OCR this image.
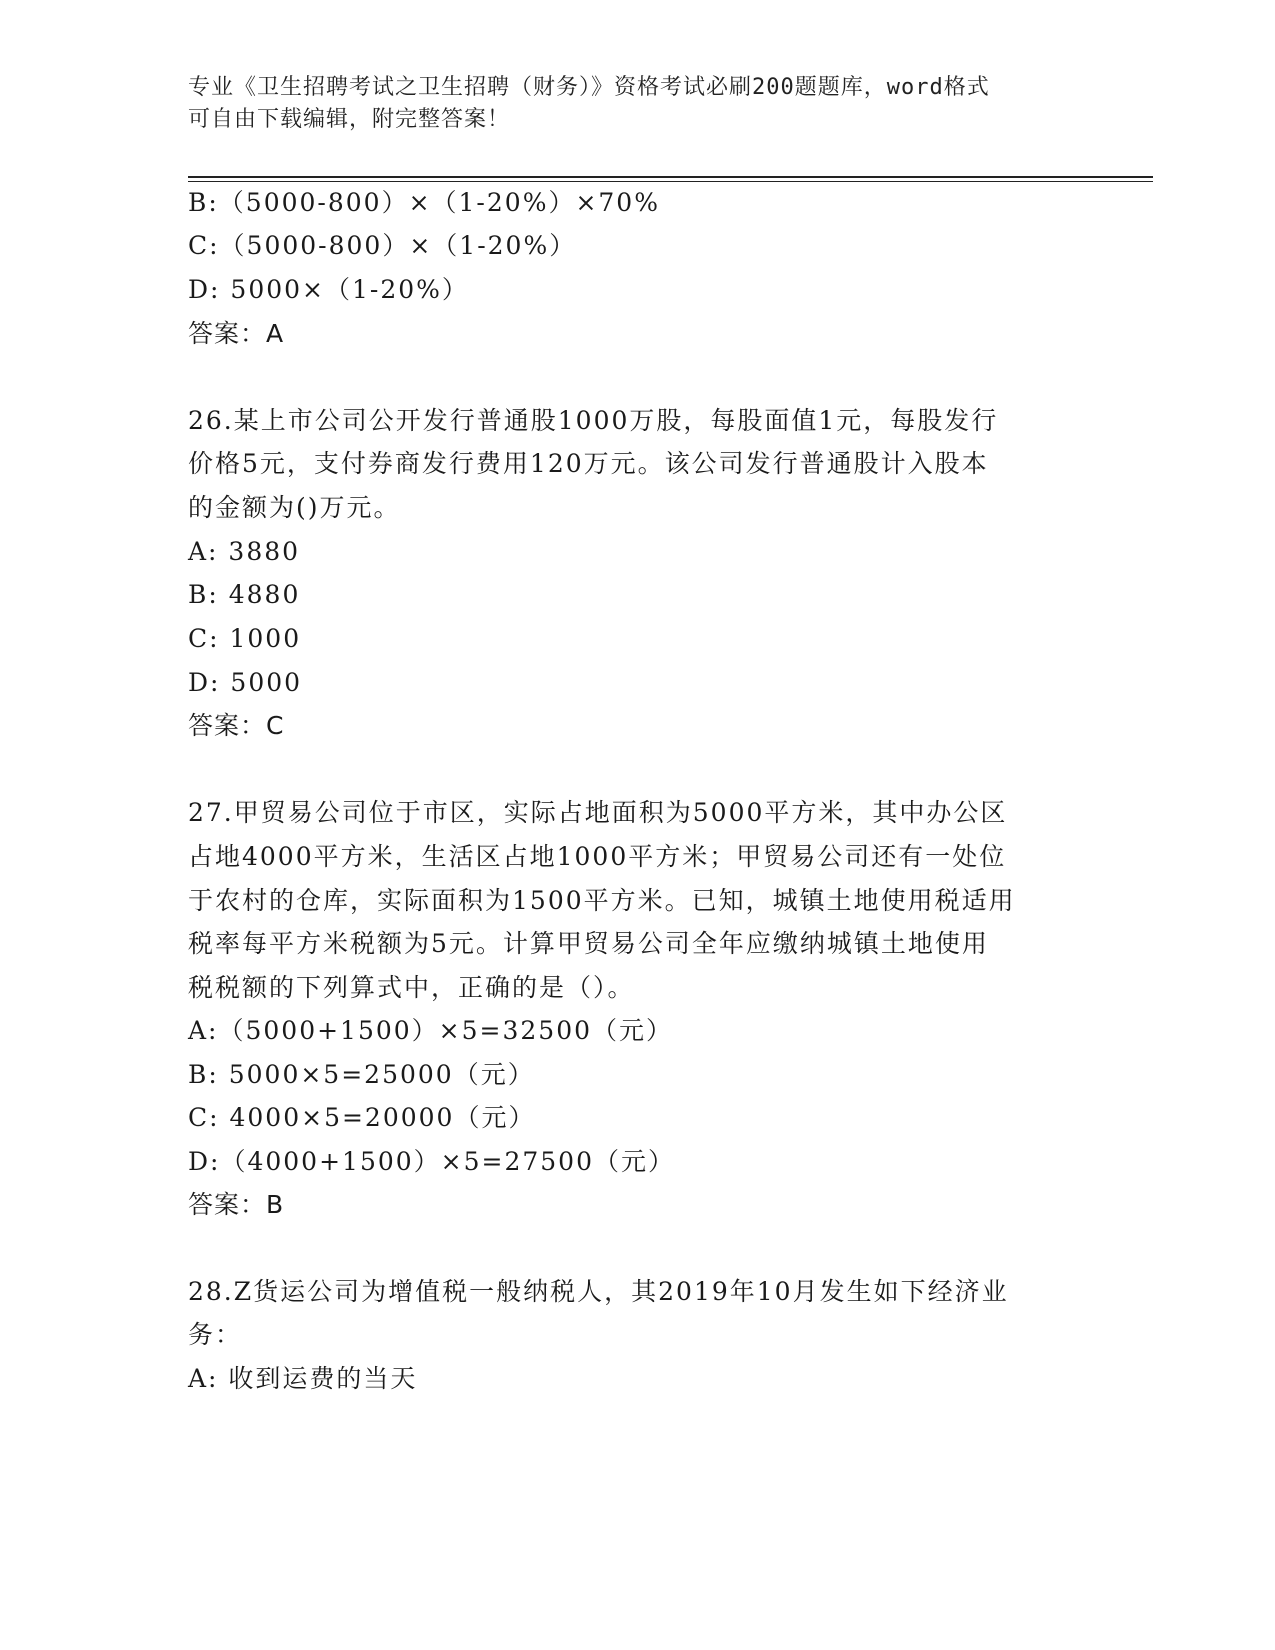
专业《卫生招聘考试之卫生招聘（财务）》资格考试必刷200题题库，word格式
可自由下载编辑，附完整答案！
B:（5000-800）×（1-20%）×70%
C:（5000-800）×（1-20%）
D: 5000×（1-20%）
答案：A
26.某上市公司公开发行普通股1000万股，每股面值1元，每股发行
价格5元，支付券商发行费用120万元。该公司发行普通股计入股本
的金额为()万元。
A: 3880
B: 4880
C: 1000
D: 5000
答案：C
27.甲贸易公司位于市区，实际占地面积为5000平方米，其中办公区
占地4000平方米，生活区占地1000平方米；甲贸易公司还有一处位
于农村的仓库，实际面积为1500平方米。已知，城镇土地使用税适用
税率每平方米税额为5元。计算甲贸易公司全年应缴纳城镇土地使用
税税额的下列算式中，正确的是（）。
A:（5000+1500）×5=32500（元）
B: 5000×5=25000（元）
C: 4000×5=20000（元）
D:（4000+1500）×5=27500（元）
答案：B
28.Z货运公司为增值税一般纳税人，其2019年10月发生如下经济业
务：
A: 收到运费的当天
